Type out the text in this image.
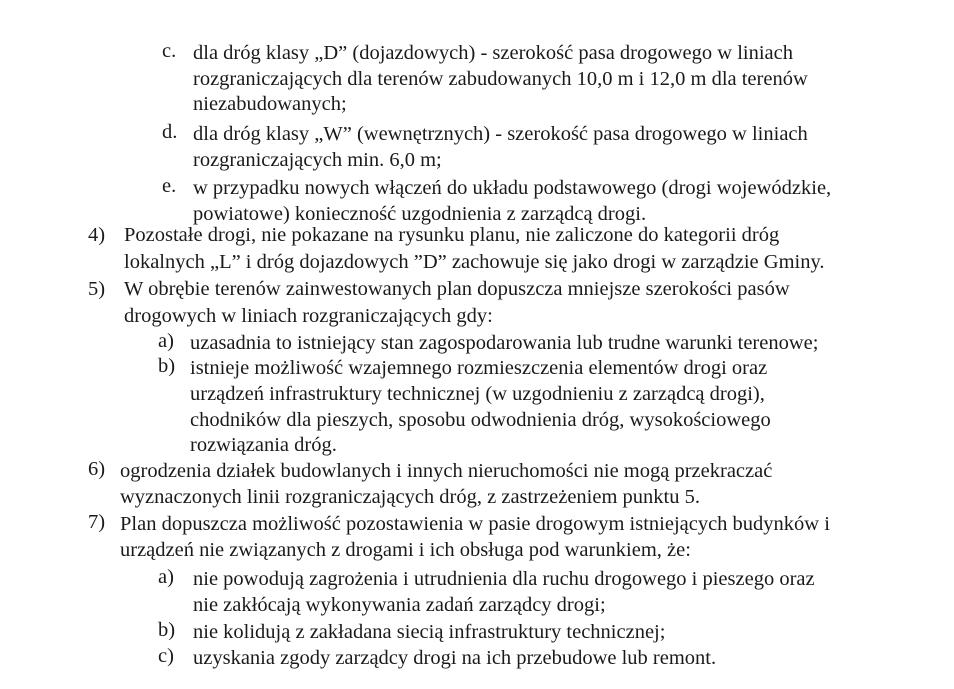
c. dla dróg klasy „D” (dojazdowych) - szerokość pasa drogowego w liniach
rozgraniczających dla terenów zabudowanych 10,0 m i 12,0 m dla terenów
niezabudowanych;
d. dla dróg klasy „W” (wewnętrznych) - szerokość pasa drogowego w liniach
rozgraniczających min. 6,0 m;
e. w przypadku nowych włączeń do układu podstawowego (drogi wojewódzkie,
powiatowe) konieczność uzgodnienia z zarządcą drogi.
4) Pozostałe drogi, nie pokazane na rysunku planu, nie zaliczone do kategorii dróg
lokalnych „L” i dróg dojazdowych ”D” zachowuje się jako drogi w zarządzie Gminy.
5) W obrębie terenów zainwestowanych plan dopuszcza mniejsze szerokości pasów
drogowych w liniach rozgraniczających gdy:
a) uzasadnia to istniejący stan zagospodarowania lub trudne warunki terenowe;
b) istnieje możliwość wzajemnego rozmieszczenia elementów drogi oraz
urządzeń infrastruktury technicznej (w uzgodnieniu z zarządcą drogi),
chodników dla pieszych, sposobu odwodnienia dróg, wysokościowego
rozwiązania dróg.
6) ogrodzenia działek budowlanych i innych nieruchomości nie mogą przekraczać
wyznaczonych linii rozgraniczających dróg, z zastrzeżeniem punktu 5.
7) Plan dopuszcza możliwość pozostawienia w pasie drogowym istniejących budynków i
urządzeń nie związanych z drogami i ich obsługa pod warunkiem, że:
a) nie powodują zagrożenia i utrudnienia dla ruchu drogowego i pieszego oraz
nie zakłócają wykonywania zadań zarządcy drogi;
b) nie kolidują z zakładana siecią infrastruktury technicznej;
c) uzyskania zgody zarządcy drogi na ich przebudowe lub remont.
